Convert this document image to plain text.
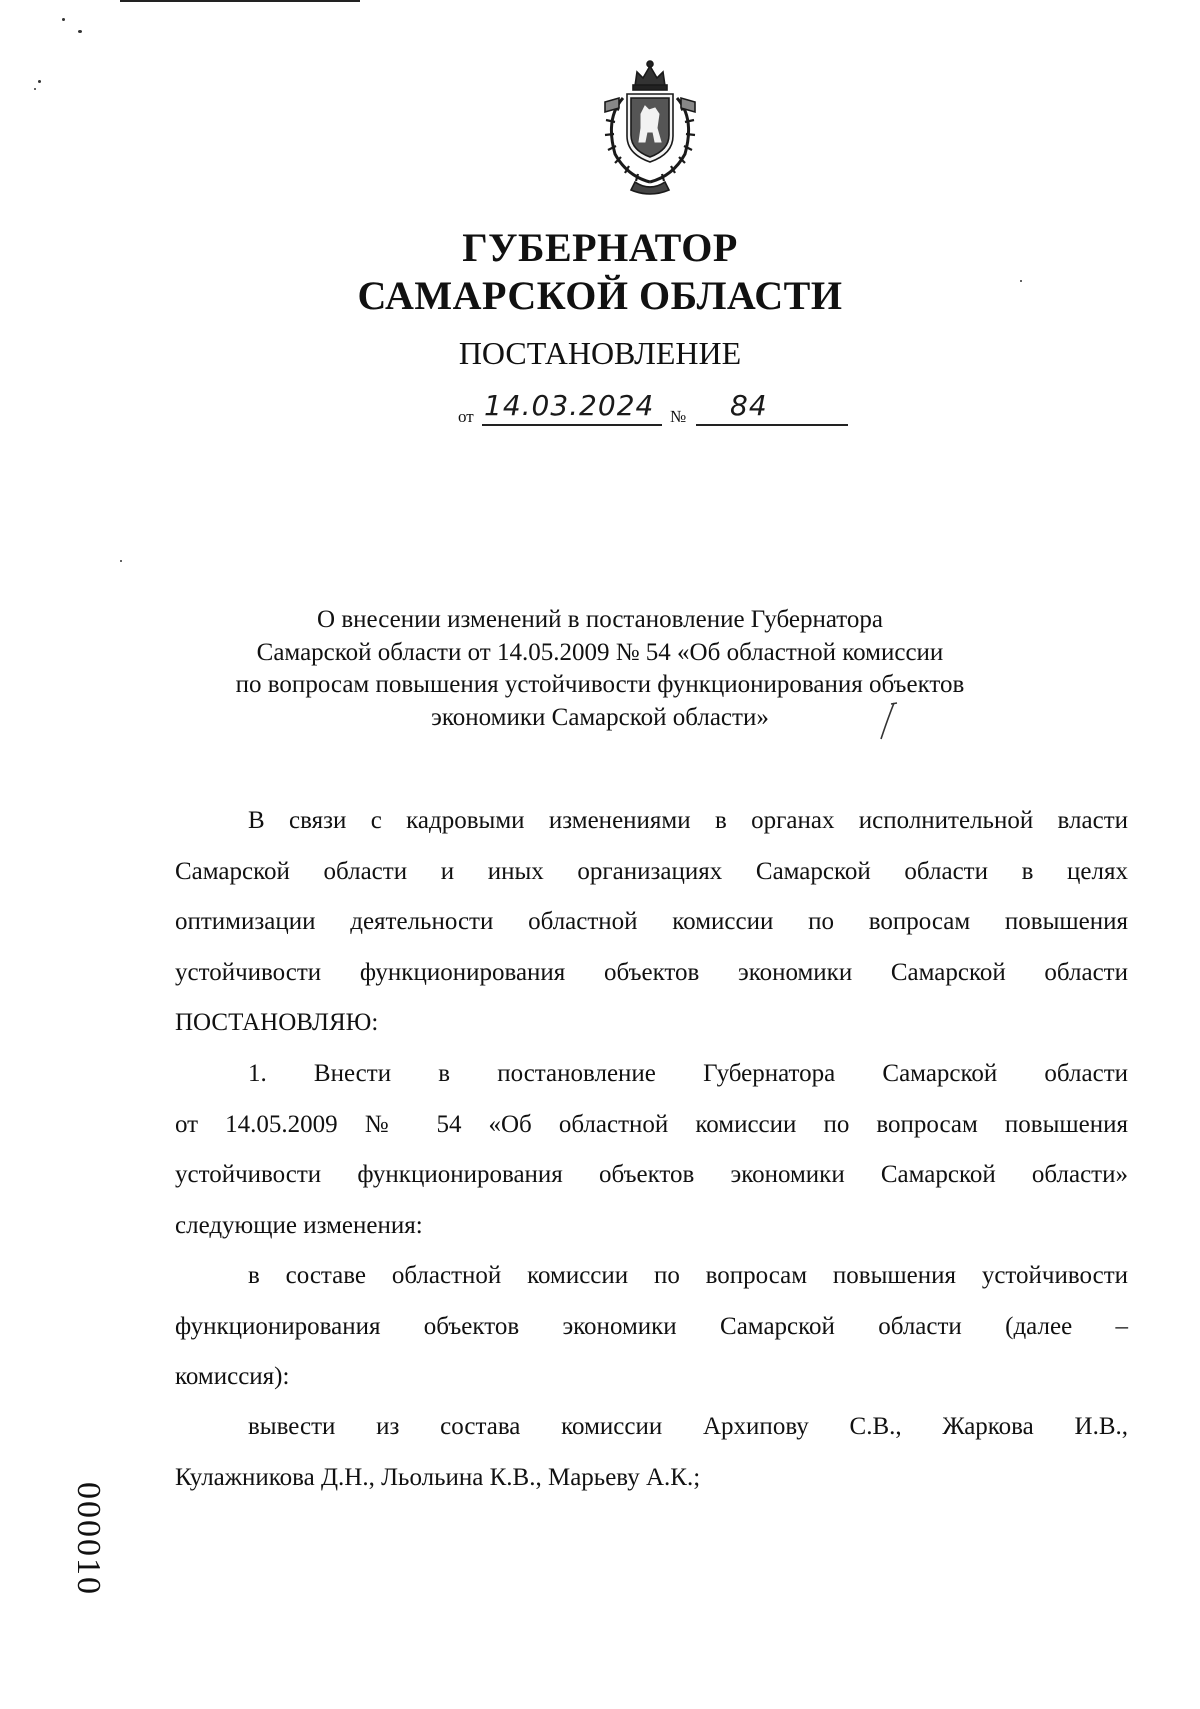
ГУБЕРНАТОР
САМАРСКОЙ ОБЛАСТИ
ПОСТАНОВЛЕНИЕ
от 14.03.2024 № 84
О внесении изменений в постановление Губернатора
Самарской области от 14.05.2009 № 54 «Об областной комиссии
по вопросам повышения устойчивости функционирования объектов
экономики Самарской области»
В связи с кадровыми изменениями в органах исполнительной власти
Самарской области и иных организациях Самарской области в целях
оптимизации деятельности областной комиссии по вопросам повышения
устойчивости функционирования объектов экономики Самарской области
ПОСТАНОВЛЯЮ:
1. Внести в постановление Губернатора Самарской области
от 14.05.2009 № 54 «Об областной комиссии по вопросам повышения
устойчивости функционирования объектов экономики Самарской области»
следующие изменения:
в составе областной комиссии по вопросам повышения устойчивости
функционирования объектов экономики Самарской области (далее –
комиссия):
вывести из состава комиссии Архипову С.В., Жаркова И.В.,
Кулажникова Д.Н., Льольина К.В., Марьеву А.К.;
000010
